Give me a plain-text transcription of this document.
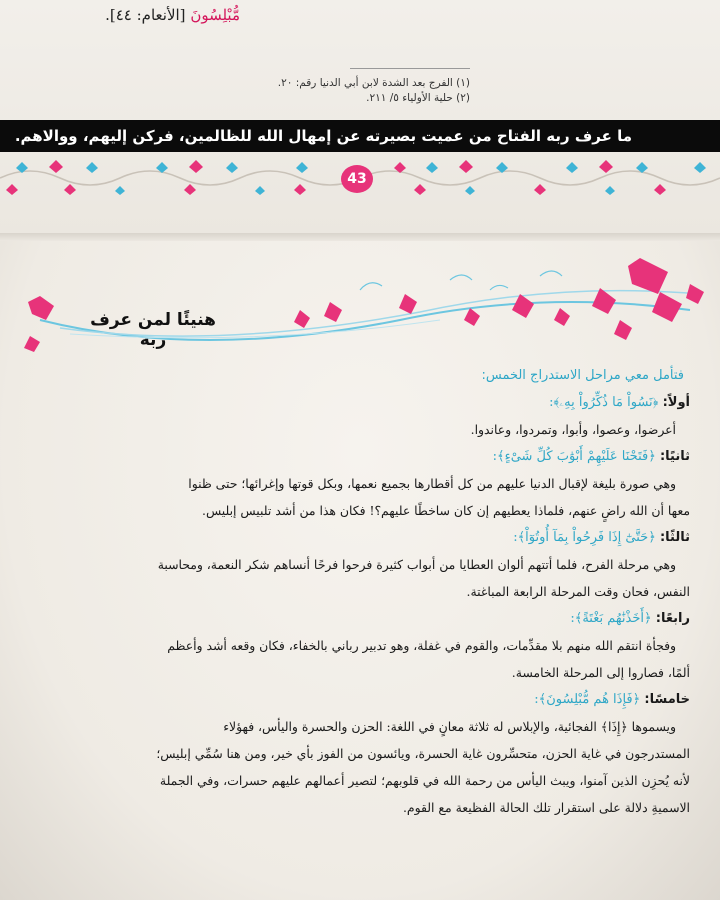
مُّبْلِسُونَ [الأنعام: ٤٤].
(١) الفرج بعد الشدة لابن أبي الدنيا رقم: ٢٠.
(٢) حلية الأولياء ٥/ ٢١١.
ما عرف ربه الفتاح من عميت بصيرته عن إمهال الله للظالمين، فركن إليهم، ووالاهم.
43
هنيئًا لمن عرف ربه
فتأمل معي مراحل الاستدراج الخمس:
أولاً: ﴿نَسُواْ مَا ذُكِّرُواْ بِهِۦ﴾:
أعرضوا، وعصوا، وأبوا، وتمردوا، وعاندوا.
ثانيًا: ﴿فَتَحْنَا عَلَيْهِمْ أَبْوَٰبَ كُلِّ شَىْءٍ﴾:
وهي صورة بليغة لإقبال الدنيا عليهم من كل أقطارها بجميع نعمها، وبكل قوتها وإغرائها؛ حتى ظنوا
معها أن الله راضٍ عنهم، فلماذا يعطيهم إن كان ساخطًا عليهم؟! فكان هذا من أشد تلبيس إبليس.
ثالثًا: ﴿حَتَّىٰٓ إِذَا فَرِحُواْ بِمَآ أُوتُوٓاْ﴾:
وهي مرحلة الفرح، فلما أتتهم ألوان العطايا من أبواب كثيرة فرحوا فرحًا أنساهم شكر النعمة، ومحاسبة
النفس، فحان وقت المرحلة الرابعة المباغتة.
رابعًا: ﴿أَخَذْنَٰهُم بَغْتَةً﴾:
وفجأة انتقم الله منهم بلا مقدِّمات، والقوم في غفلة، وهو تدبير رباني بالخفاء، فكان وقعه أشد وأعظم
ألمًا، فصاروا إلى المرحلة الخامسة.
خامسًا: ﴿فَإِذَا هُم مُّبْلِسُونَ﴾:
ويسموها ﴿إِذَا﴾ الفجائية، والإبلاس له ثلاثة معانٍ في اللغة: الحزن والحسرة واليأس، فهؤلاء
المستدرجون في غاية الحزن، متحسِّرون غاية الحسرة، ويائسون من الفوز بأي خير، ومن هنا سُمِّي إبليس؛
لأنه يُحزِن الذين آمنوا، ويبث اليأس من رحمة الله في قلوبهم؛ لتصير أعمالهم عليهم حسرات، وفي الجملة
الاسميةِ دلالة على استقرار تلك الحالة الفظيعة مع القوم.
